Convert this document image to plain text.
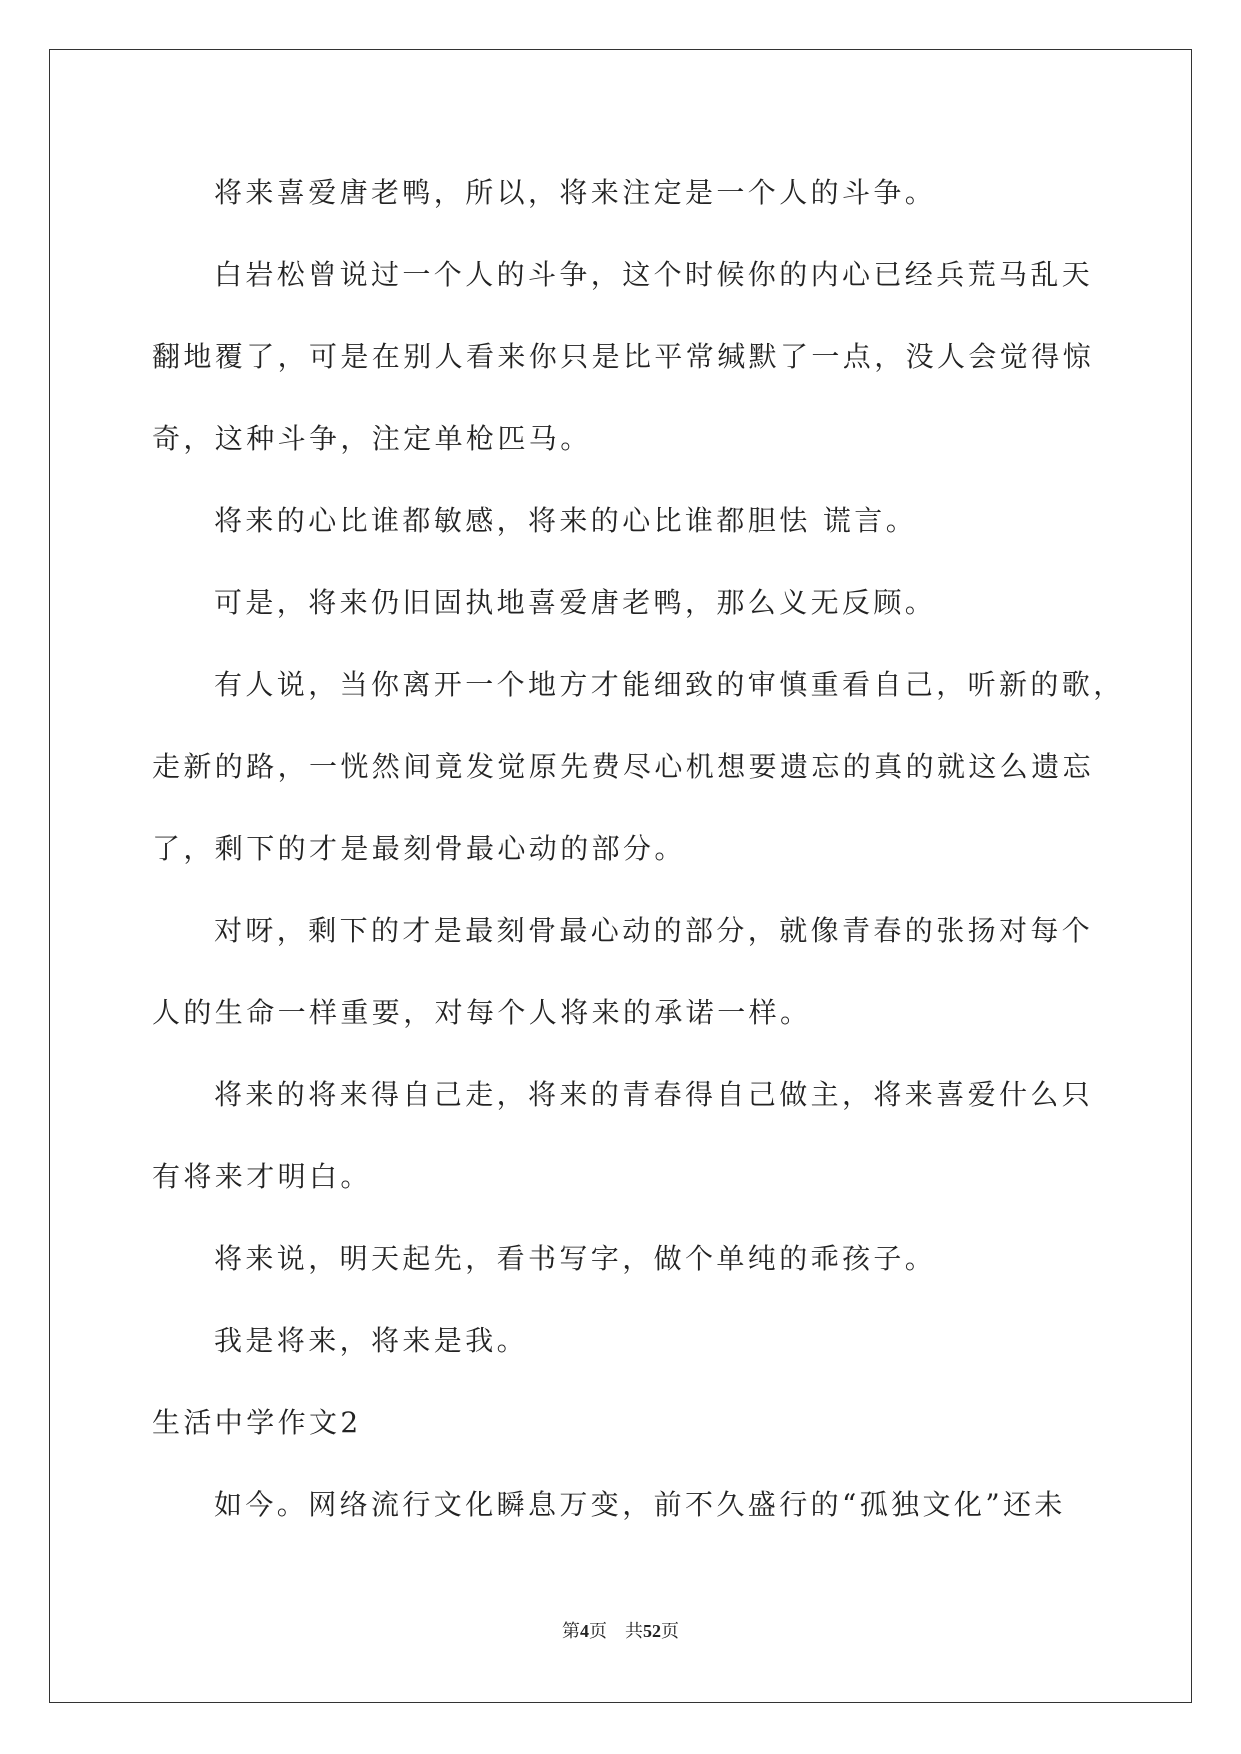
将来喜爱唐老鸭，所以，将来注定是一个人的斗争。
白岩松曾说过一个人的斗争，这个时候你的内心已经兵荒马乱天
翻地覆了，可是在别人看来你只是比平常缄默了一点，没人会觉得惊
奇，这种斗争，注定单枪匹马。
将来的心比谁都敏感，将来的心比谁都胆怯 谎言。
可是，将来仍旧固执地喜爱唐老鸭，那么义无反顾。
有人说，当你离开一个地方才能细致的审慎重看自己，听新的歌，
走新的路，一恍然间竟发觉原先费尽心机想要遗忘的真的就这么遗忘
了，剩下的才是最刻骨最心动的部分。
对呀，剩下的才是最刻骨最心动的部分，就像青春的张扬对每个
人的生命一样重要，对每个人将来的承诺一样。
将来的将来得自己走，将来的青春得自己做主，将来喜爱什么只
有将来才明白。
将来说，明天起先，看书写字，做个单纯的乖孩子。
我是将来，将来是我。
生活中学作文2
如今。网络流行文化瞬息万变，前不久盛行的“孤独文化”还未
第4页    共52页
